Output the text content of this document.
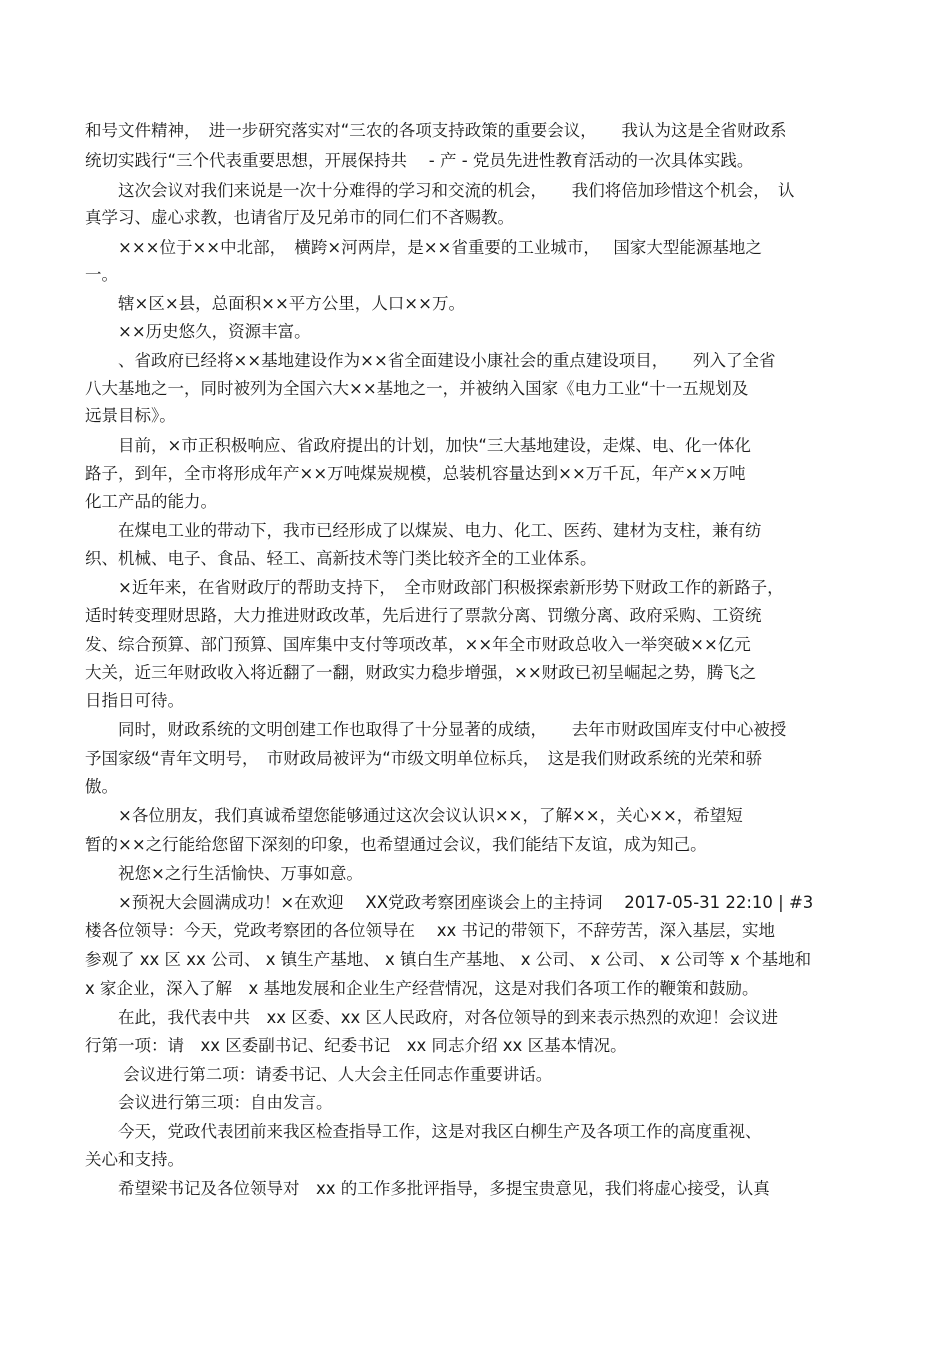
和号文件精神，　进一步研究落实对“三农的各项支持政策的重要会议，　　我认为这是全省财政系
统切实践行“三个代表重要思想，开展保持共　 - 产 - 党员先进性教育活动的一次具体实践。
　　这次会议对我们来说是一次十分难得的学习和交流的机会，　　我们将倍加珍惜这个机会，　认
真学习、虚心求教，也请省厅及兄弟市的同仁们不吝赐教。
　　×××位于××中北部，　横跨×河两岸，是××省重要的工业城市，　 国家大型能源基地之
一。
　　辖×区×县，总面积××平方公里，人口××万。
　　××历史悠久，资源丰富。
　　、省政府已经将××基地建设作为××省全面建设小康社会的重点建设项目，　　列入了全省
八大基地之一，同时被列为全国六大××基地之一，并被纳入国家《电力工业“十一五规划及
远景目标》。
　　目前，×市正积极响应、省政府提出的计划，加快“三大基地建设，走煤、电、化一体化
路子，到年，全市将形成年产××万吨煤炭规模，总装机容量达到××万千瓦，年产××万吨
化工产品的能力。
　　在煤电工业的带动下，我市已经形成了以煤炭、电力、化工、医药、建材为支柱，兼有纺
织、机械、电子、食品、轻工、高新技术等门类比较齐全的工业体系。
　　×近年来，在省财政厅的帮助支持下，　全市财政部门积极探索新形势下财政工作的新路子，
适时转变理财思路，大力推进财政改革，先后进行了票款分离、罚缴分离、政府采购、工资统
发、综合预算、部门预算、国库集中支付等项改革，××年全市财政总收入一举突破××亿元
大关，近三年财政收入将近翻了一翻，财政实力稳步增强，××财政已初呈崛起之势，腾飞之
日指日可待。
　　同时，财政系统的文明创建工作也取得了十分显著的成绩，　　去年市财政国库支付中心被授
予国家级“青年文明号，　市财政局被评为“市级文明单位标兵，　这是我们财政系统的光荣和骄
傲。
　　×各位朋友，我们真诚希望您能够通过这次会议认识××，了解××，关心××，希望短
暂的××之行能给您留下深刻的印象，也希望通过会议，我们能结下友谊，成为知己。
　　祝您×之行生活愉快、万事如意。
　　×预祝大会圆满成功！×在欢迎　 XX党政考察团座谈会上的主持词　 2017-05-31 22:10 | #3
楼各位领导：今天，党政考察团的各位领导在　 xx 书记的带领下，不辞劳苦，深入基层，实地
参观了 xx 区 xx 公司、 x 镇生产基地、 x 镇白生产基地、 x 公司、 x 公司、 x 公司等 x 个基地和
x 家企业，深入了解　x 基地发展和企业生产经营情况，这是对我们各项工作的鞭策和鼓励。
　　在此，我代表中共　xx 区委、xx 区人民政府，对各位领导的到来表示热烈的欢迎！会议进
行第一项：请　xx 区委副书记、纪委书记　xx 同志介绍 xx 区基本情况。
　　 会议进行第二项：请委书记、人大会主任同志作重要讲话。
　　会议进行第三项：自由发言。
　　今天，党政代表团前来我区检查指导工作，这是对我区白柳生产及各项工作的高度重视、
关心和支持。
　　希望梁书记及各位领导对　xx 的工作多批评指导，多提宝贵意见，我们将虚心接受，认真
